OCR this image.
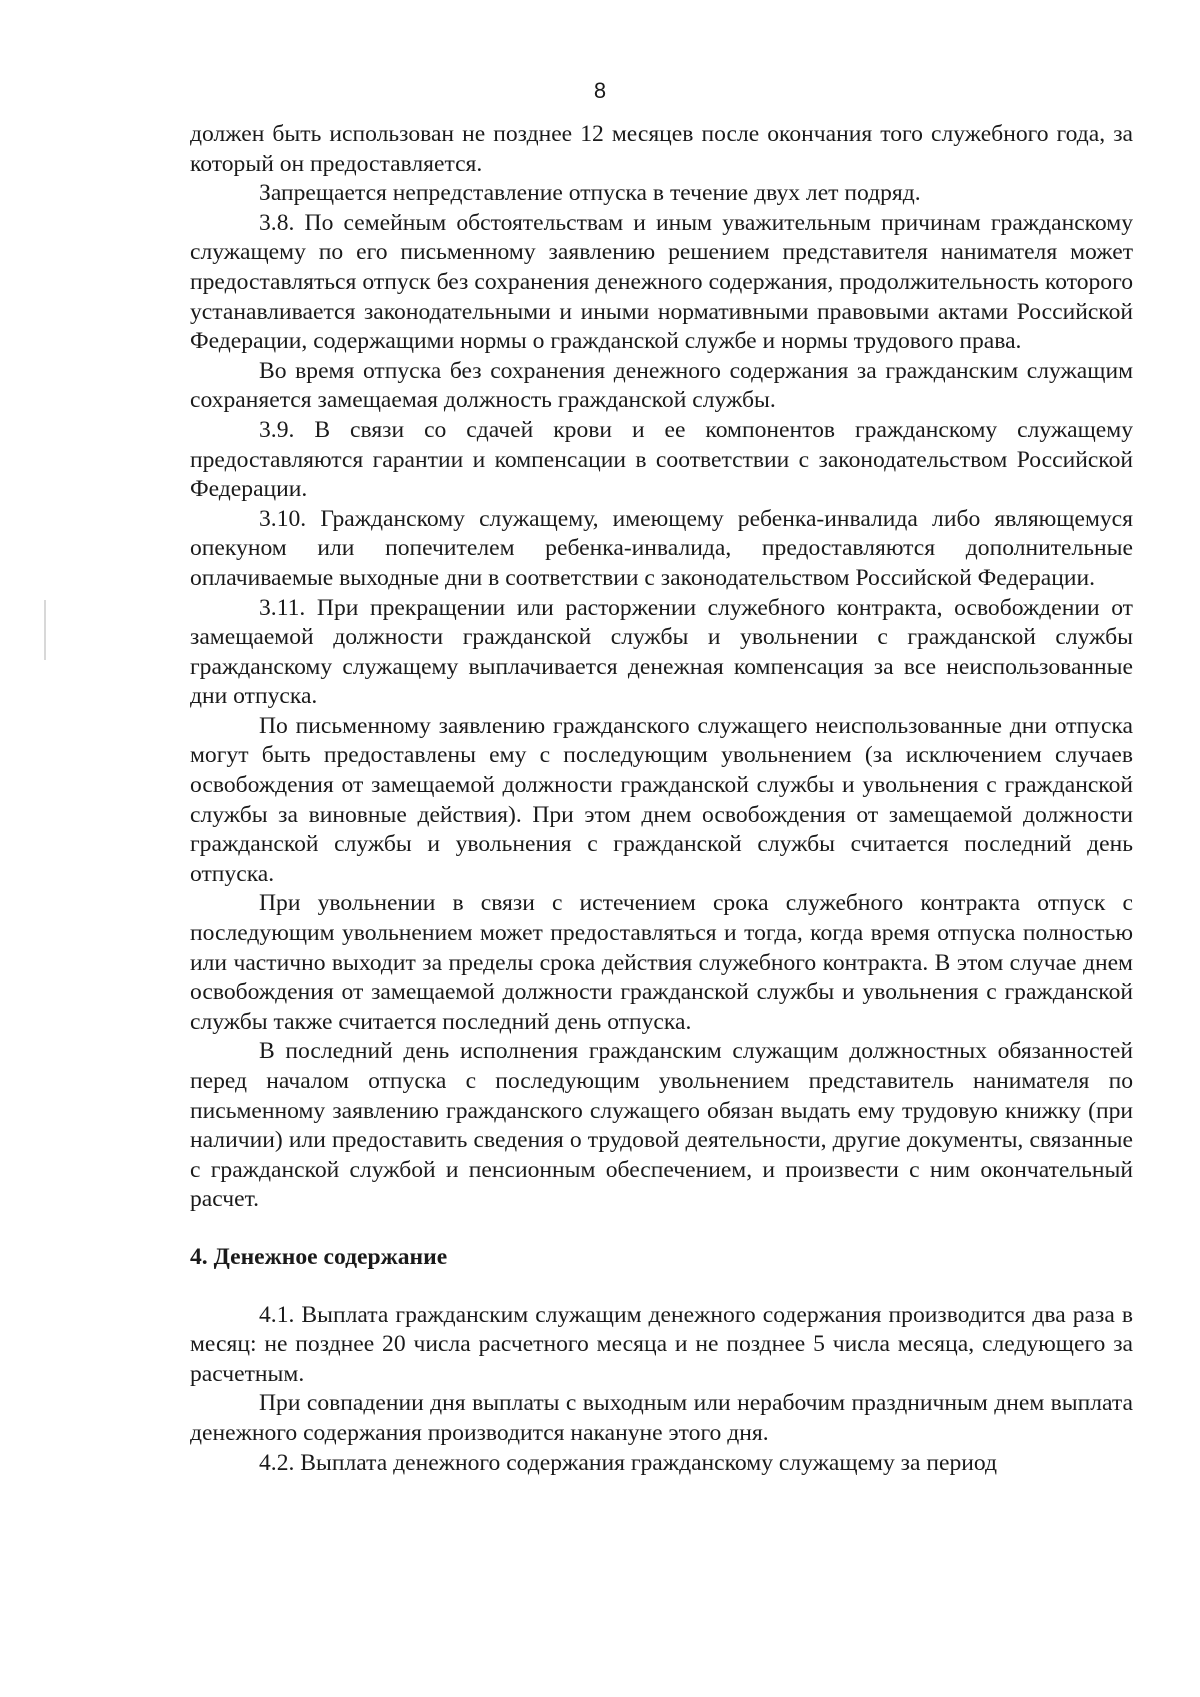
8

должен быть использован не позднее 12 месяцев после окончания того служебного года, за который он предоставляется.

Запрещается непредставление отпуска в течение двух лет подряд.

3.8. По семейным обстоятельствам и иным уважительным причинам гражданскому служащему по его письменному заявлению решением представителя нанимателя может предоставляться отпуск без сохранения денежного содержания, продолжительность которого устанавливается законодательными и иными нормативными правовыми актами Российской Федерации, содержащими нормы о гражданской службе и нормы трудового права.

Во время отпуска без сохранения денежного содержания за гражданским служащим сохраняется замещаемая должность гражданской службы.

3.9. В связи со сдачей крови и ее компонентов гражданскому служащему предоставляются гарантии и компенсации в соответствии с законодательством Российской Федерации.

3.10. Гражданскому служащему, имеющему ребенка-инвалида либо являющемуся опекуном или попечителем ребенка-инвалида, предоставляются дополнительные оплачиваемые выходные дни в соответствии с законодательством Российской Федерации.

3.11. При прекращении или расторжении служебного контракта, освобождении от замещаемой должности гражданской службы и увольнении с гражданской службы гражданскому служащему выплачивается денежная компенсация за все неиспользованные дни отпуска.

По письменному заявлению гражданского служащего неиспользованные дни отпуска могут быть предоставлены ему с последующим увольнением (за исключением случаев освобождения от замещаемой должности гражданской службы и увольнения с гражданской службы за виновные действия). При этом днем освобождения от замещаемой должности гражданской службы и увольнения с гражданской службы считается последний день отпуска.

При увольнении в связи с истечением срока служебного контракта отпуск с последующим увольнением может предоставляться и тогда, когда время отпуска полностью или частично выходит за пределы срока действия служебного контракта. В этом случае днем освобождения от замещаемой должности гражданской службы и увольнения с гражданской службы также считается последний день отпуска.

В последний день исполнения гражданским служащим должностных обязанностей перед началом отпуска с последующим увольнением представитель нанимателя по письменному заявлению гражданского служащего обязан выдать ему трудовую книжку (при наличии) или предоставить сведения о трудовой деятельности, другие документы, связанные с гражданской службой и пенсионным обеспечением, и произвести с ним окончательный расчет.

4. Денежное содержание

4.1. Выплата гражданским служащим денежного содержания производится два раза в месяц: не позднее 20 числа расчетного месяца и не позднее 5 числа месяца, следующего за расчетным.

При совпадении дня выплаты с выходным или нерабочим праздничным днем выплата денежного содержания производится накануне этого дня.

4.2. Выплата денежного содержания гражданскому служащему за период
